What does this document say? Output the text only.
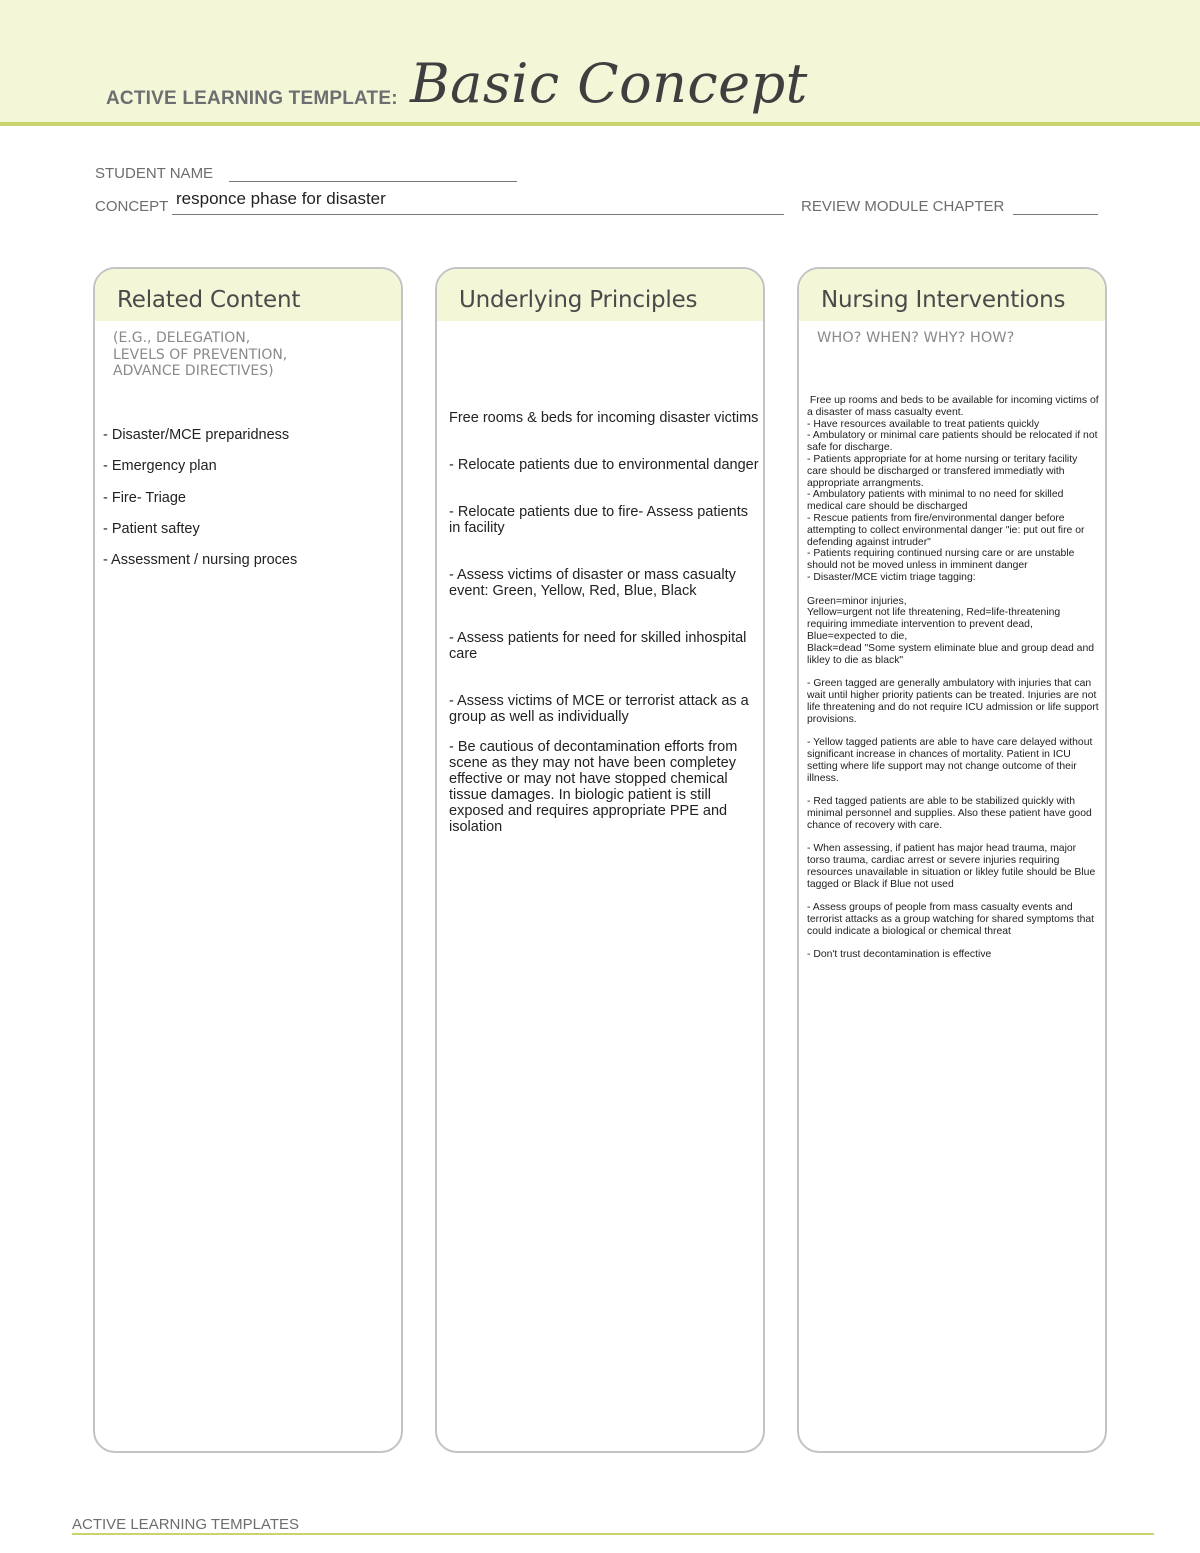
ACTIVE LEARNING TEMPLATE: Basic Concept
STUDENT NAME
CONCEPT responce phase for disaster	REVIEW MODULE CHAPTER
Related Content
(E.G., DELEGATION,
LEVELS OF PREVENTION,
ADVANCE DIRECTIVES)
- Disaster/MCE preparidness
- Emergency plan
- Fire- Triage
- Patient saftey
- Assessment / nursing proces
Underlying Principles
Free rooms & beds for incoming disaster victims
- Relocate patients due to environmental danger
- Relocate patients due to fire- Assess patients in facility
- Assess victims of disaster or mass casualty event: Green, Yellow, Red, Blue, Black
- Assess patients for need for skilled inhospital care
- Assess victims of MCE or terrorist attack as a group as well as individually
- Be cautious of decontamination efforts from scene as they may not have been completey effective or may not have stopped chemical tissue damages. In biologic patient is still exposed and requires appropriate PPE and isolation
Nursing Interventions
WHO? WHEN? WHY? HOW?
Free up rooms and beds to be available for incoming victims of a disaster of mass casualty event.
- Have resources available to treat patients quickly
- Ambulatory or minimal care patients should be relocated if not safe for discharge.
- Patients appropriate for at home nursing or teritary facility care should be discharged or transfered immediatly with appropriate arrangments.
- Ambulatory patients with minimal to no need for skilled medical care should be discharged
- Rescue patients from fire/environmental danger before attempting to collect environmental danger "ie: put out fire or defending against intruder"
- Patients requiring continued nursing care or are unstable should not be moved unless in imminent danger
- Disaster/MCE victim triage tagging:

Green=minor injuries,
Yellow=urgent not life threatening, Red=life-threatening requiring immediate intervention to prevent dead, Blue=expected to die,
Black=dead "Some system eliminate blue and group dead and likley to die as black"

- Green tagged are generally ambulatory with injuries that can wait until higher priority patients can be treated. Injuries are not life threatening and do not require ICU admission or life support provisions.

- Yellow tagged patients are able to have care delayed without significant increase in chances of mortality. Patient in ICU setting where life support may not change outcome of their illness.

- Red tagged patients are able to be stabilized quickly with minimal personnel and supplies. Also these patient have good chance of recovery with care.

- When assessing, if patient has major head trauma, major torso trauma, cardiac arrest or severe injuries requiring resources unavailable in situation or likley futile should be Blue tagged or Black if Blue not used

- Assess groups of people from mass casualty events and terrorist attacks as a group watching for shared symptoms that could indicate a biological or chemical threat

- Don't trust decontamination is effective
ACTIVE LEARNING TEMPLATES
